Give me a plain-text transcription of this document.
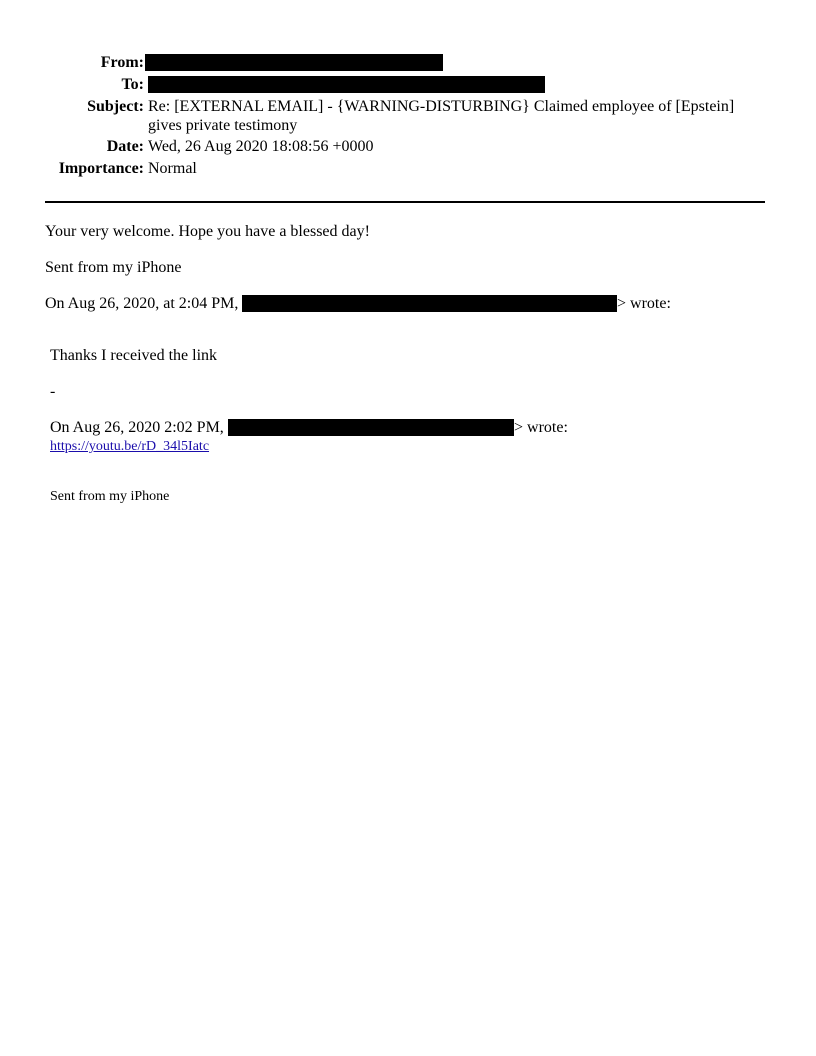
From:
To:
Subject: Re: [EXTERNAL EMAIL] - {WARNING-DISTURBING} Claimed employee of [Epstein]
gives private testimony
Date: Wed, 26 Aug 2020 18:08:56 +0000
Importance: Normal
Your very welcome. Hope you have a blessed day!
Sent from my iPhone
On Aug 26, 2020, at 2:04 PM,	> wrote:
Thanks I received the link
-
On Aug 26, 2020 2:02 PM,	> wrote:
https://youtu.be/rD_34l5Iatc
Sent from my iPhone
